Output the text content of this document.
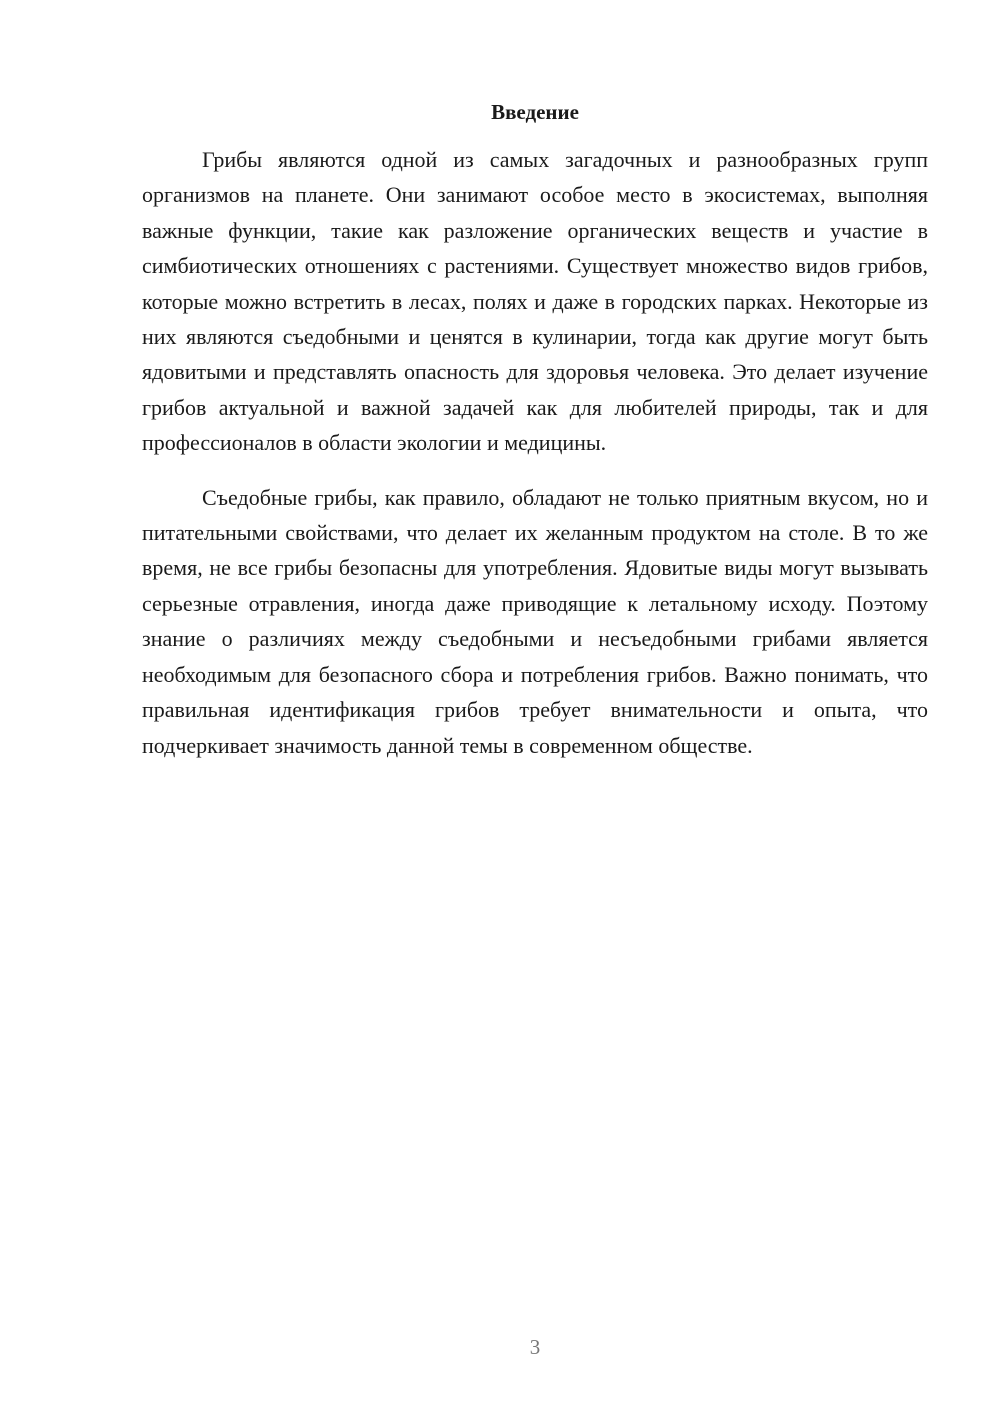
Введение

Грибы являются одной из самых загадочных и разнообразных групп организмов на планете. Они занимают особое место в экосистемах, выполняя важные функции, такие как разложение органических веществ и участие в симбиотических отношениях с растениями. Существует множество видов грибов, которые можно встретить в лесах, полях и даже в городских парках. Некоторые из них являются съедобными и ценятся в кулинарии, тогда как другие могут быть ядовитыми и представлять опасность для здоровья человека. Это делает изучение грибов актуальной и важной задачей как для любителей природы, так и для профессионалов в области экологии и медицины.

Съедобные грибы, как правило, обладают не только приятным вкусом, но и питательными свойствами, что делает их желанным продуктом на столе. В то же время, не все грибы безопасны для употребления. Ядовитые виды могут вызывать серьезные отравления, иногда даже приводящие к летальному исходу. Поэтому знание о различиях между съедобными и несъедобными грибами является необходимым для безопасного сбора и потребления грибов. Важно понимать, что правильная идентификация грибов требует внимательности и опыта, что подчеркивает значимость данной темы в современном обществе.

3
